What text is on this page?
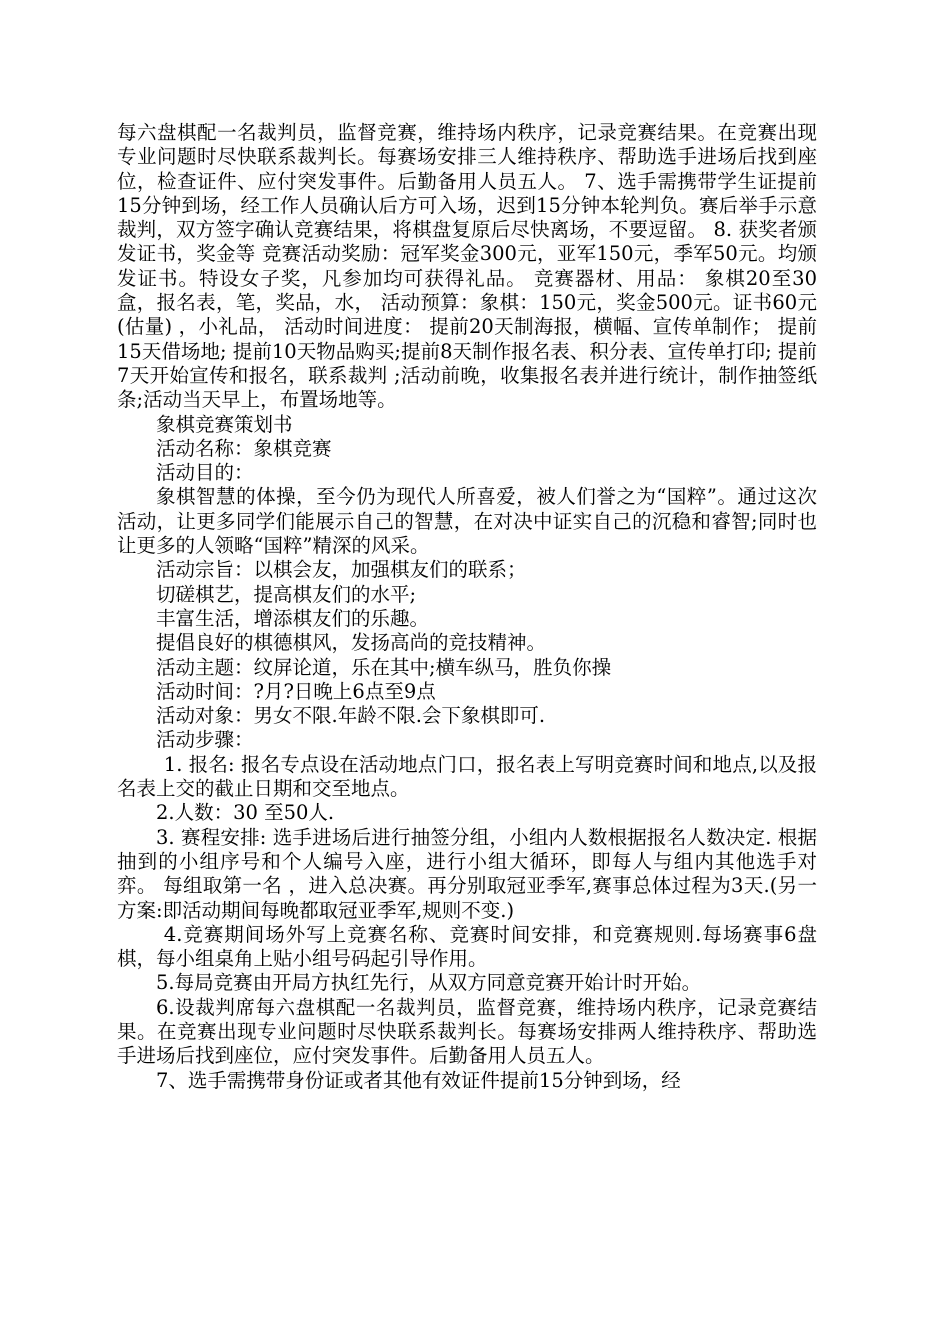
每六盘棋配一名裁判员，监督竞赛，维持场内秩序，记录竞赛结果。在竞赛出现专业问题时尽快联系裁判长。每赛场安排三人维持秩序、帮助选手进场后找到座位，检查证件、应付突发事件。后勤备用人员五人。 7、选手需携带学生证提前15分钟到场，经工作人员确认后方可入场，迟到15分钟本轮判负。赛后举手示意裁判，双方签字确认竞赛结果，将棋盘复原后尽快离场，不要逗留。 8. 获奖者颁发证书，奖金等 竞赛活动奖励：冠军奖金300元，亚军150元，季军50元。均颁发证书。特设女子奖，凡参加均可获得礼品。 竞赛器材、用品： 象棋20至30盒，报名表，笔，奖品，水， 活动预算：象棋：150元，奖金500元。证书60元(估量) ，小礼品， 活动时间进度： 提前20天制海报，横幅、宣传单制作； 提前15天借场地; 提前10天物品购买;提前8天制作报名表、积分表、宣传单打印; 提前7天开始宣传和报名，联系裁判 ;活动前晚，收集报名表并进行统计，制作抽签纸条;活动当天早上，布置场地等。

象棋竞赛策划书

活动名称：象棋竞赛

活动目的：

象棋智慧的体操，至今仍为现代人所喜爱，被人们誉之为“国粹”。通过这次活动，让更多同学们能展示自己的智慧，在对决中证实自己的沉稳和睿智;同时也让更多的人领略“国粹”精深的风采。

活动宗旨：以棋会友，加强棋友们的联系；

切磋棋艺，提高棋友们的水平;

丰富生活，增添棋友们的乐趣。

提倡良好的棋德棋风，发扬高尚的竞技精神。

活动主题：纹屏论道，乐在其中;横车纵马，胜负你操

活动时间：?月?日晚上6点至9点

活动对象：男女不限.年龄不限.会下象棋即可.

活动步骤：

1. 报名: 报名专点设在活动地点门口，报名表上写明竞赛时间和地点,以及报名表上交的截止日期和交至地点。

2.人数：30 至50人.

3. 赛程安排: 选手进场后进行抽签分组，小组内人数根据报名人数决定. 根据抽到的小组序号和个人编号入座，进行小组大循环，即每人与组内其他选手对弈。 每组取第一名 ，进入总决赛。再分别取冠亚季军,赛事总体过程为3天.(另一方案:即活动期间每晚都取冠亚季军,规则不变.)

4.竞赛期间场外写上竞赛名称、竞赛时间安排，和竞赛规则.每场赛事6盘棋，每小组桌角上贴小组号码起引导作用。

5.每局竞赛由开局方执红先行，从双方同意竞赛开始计时开始。

6.设裁判席每六盘棋配一名裁判员，监督竞赛，维持场内秩序，记录竞赛结果。在竞赛出现专业问题时尽快联系裁判长。每赛场安排两人维持秩序、帮助选手进场后找到座位，应付突发事件。后勤备用人员五人。

7、选手需携带身份证或者其他有效证件提前15分钟到场，经
